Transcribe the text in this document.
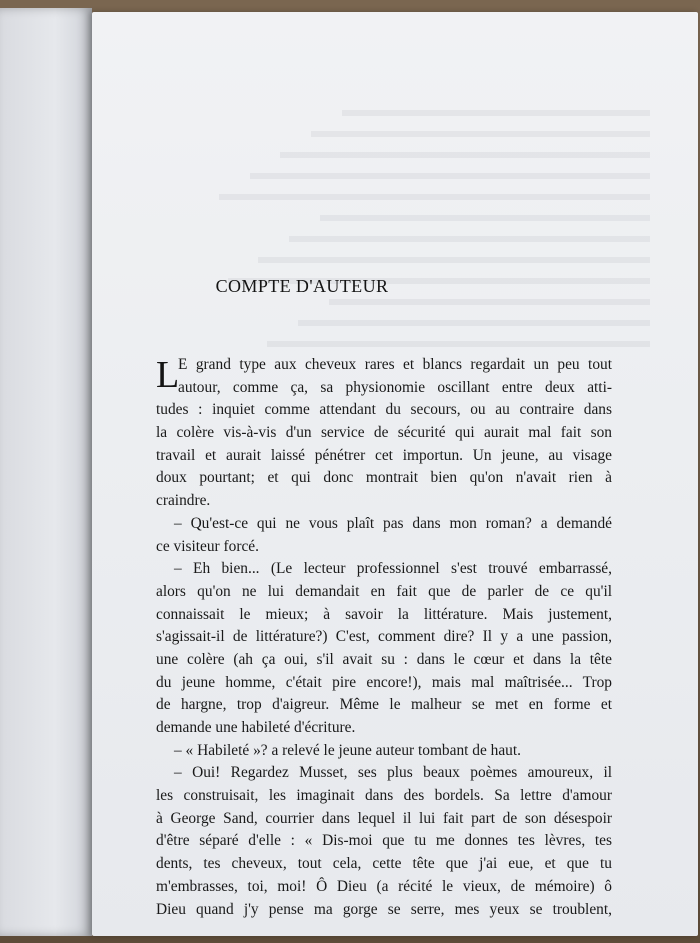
COMPTE D'AUTEUR
L
E grand type aux cheveux rares et blancs regardait un peu tout
autour, comme ça, sa physionomie oscillant entre deux atti-
tudes : inquiet comme attendant du secours, ou au contraire dans
la colère vis-à-vis d'un service de sécurité qui aurait mal fait son
travail et aurait laissé pénétrer cet importun. Un jeune, au visage
doux pourtant; et qui donc montrait bien qu'on n'avait rien à
craindre.
– Qu'est-ce qui ne vous plaît pas dans mon roman? a demandé
ce visiteur forcé.
– Eh bien... (Le lecteur professionnel s'est trouvé embarrassé,
alors qu'on ne lui demandait en fait que de parler de ce qu'il
connaissait le mieux; à savoir la littérature. Mais justement,
s'agissait-il de littérature?) C'est, comment dire? Il y a une passion,
une colère (ah ça oui, s'il avait su : dans le cœur et dans la tête
du jeune homme, c'était pire encore!), mais mal maîtrisée... Trop
de hargne, trop d'aigreur. Même le malheur se met en forme et
demande une habileté d'écriture.
– « Habileté »? a relevé le jeune auteur tombant de haut.
– Oui! Regardez Musset, ses plus beaux poèmes amoureux, il
les construisait, les imaginait dans des bordels. Sa lettre d'amour
à George Sand, courrier dans lequel il lui fait part de son désespoir
d'être séparé d'elle : « Dis-moi que tu me donnes tes lèvres, tes
dents, tes cheveux, tout cela, cette tête que j'ai eue, et que tu
m'embrasses, toi, moi! Ô Dieu (a récité le vieux, de mémoire) ô
Dieu quand j'y pense ma gorge se serre, mes yeux se troublent,
